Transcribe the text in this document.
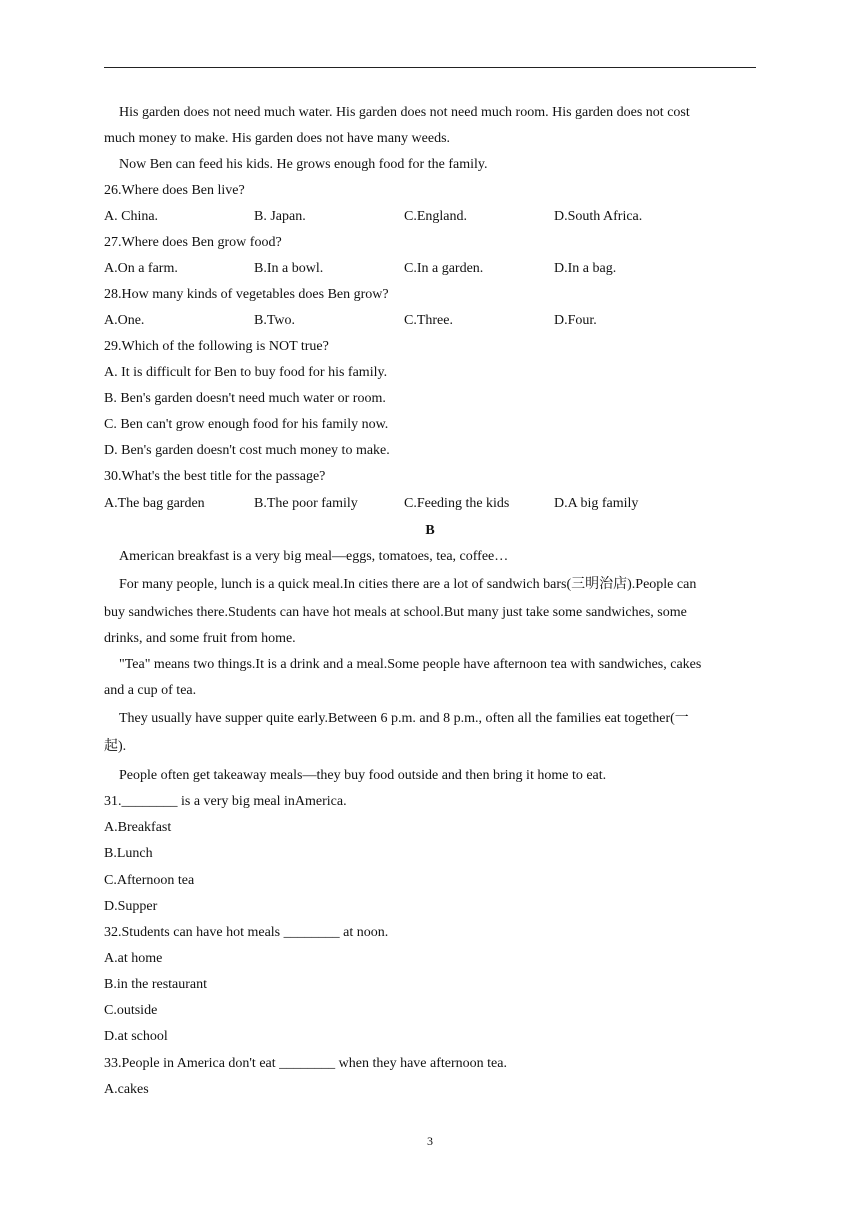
His garden does not need much water. His garden does not need much room. His garden does not cost
much money to make. His garden does not have many weeds.
Now Ben can feed his kids. He grows enough food for the family.
26.Where does Ben live?
A. China.	B. Japan.	C.England.	D.South Africa.
27.Where does Ben grow food?
A.On a farm.	B.In a bowl.	C.In a garden.	D.In a bag.
28.How many kinds of vegetables does Ben grow?
A.One.	B.Two.	C.Three.	D.Four.
29.Which of the following is NOT true?
A. It is difficult for Ben to buy food for his family.
B. Ben's garden doesn't need much water or room.
C. Ben can't grow enough food for his family now.
D. Ben's garden doesn't cost much money to make.
30.What's the best title for the passage?
A.The bag garden	B.The poor family	C.Feeding the kids	D.A big family
B
American breakfast is a very big meal—eggs, tomatoes, tea, coffee…
For many people, lunch is a quick meal.In cities there are a lot of sandwich bars(三明治店).People can
buy sandwiches there.Students can have hot meals at school.But many just take some sandwiches, some
drinks, and some fruit from home.
"Tea" means two things.It is a drink and a meal.Some people have afternoon tea with sandwiches, cakes
and a cup of tea.
They usually have supper quite early.Between 6 p.m. and 8 p.m., often all the families eat together(一
起).
People often get takeaway meals—they buy food outside and then bring it home to eat.
31.________ is a very big meal inAmerica.
A.Breakfast
B.Lunch
C.Afternoon tea
D.Supper
32.Students can have hot meals ________ at noon.
A.at home
B.in the restaurant
C.outside
D.at school
33.People in America don't eat ________ when they have afternoon tea.
A.cakes
3
